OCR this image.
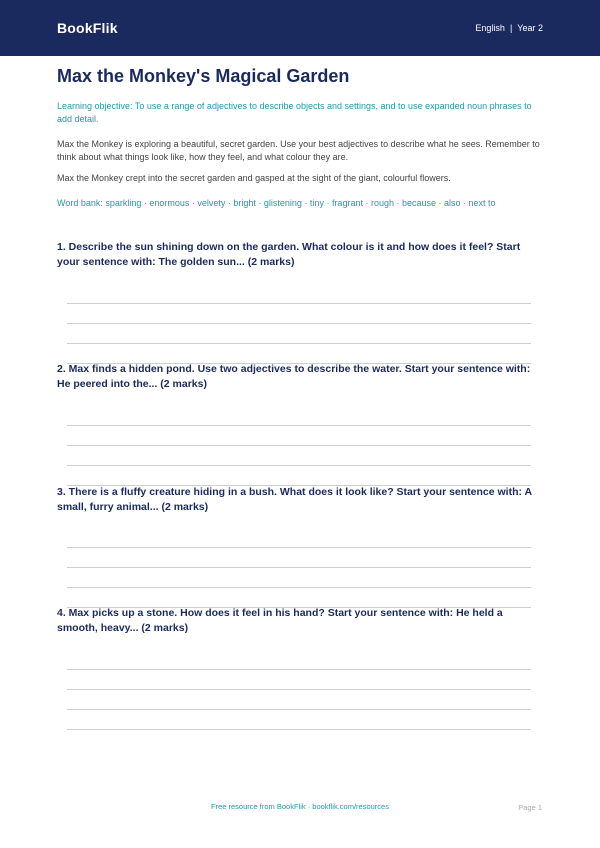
BookFlik	English | Year 2
Max the Monkey's Magical Garden
Learning objective: To use a range of adjectives to describe objects and settings, and to use expanded noun phrases to add detail.
Max the Monkey is exploring a beautiful, secret garden. Use your best adjectives to describe what he sees. Remember to think about what things look like, how they feel, and what colour they are.
Max the Monkey crept into the secret garden and gasped at the sight of the giant, colourful flowers.
Word bank: sparkling · enormous · velvety · bright · glistening · tiny · fragrant · rough · because · also · next to
1. Describe the sun shining down on the garden. What colour is it and how does it feel? Start your sentence with: The golden sun... (2 marks)
2. Max finds a hidden pond. Use two adjectives to describe the water. Start your sentence with: He peered into the... (2 marks)
3. There is a fluffy creature hiding in a bush. What does it look like? Start your sentence with: A small, furry animal... (2 marks)
4. Max picks up a stone. How does it feel in his hand? Start your sentence with: He held a smooth, heavy... (2 marks)
Free resource from BookFlik · bookflik.com/resources	Page 1
